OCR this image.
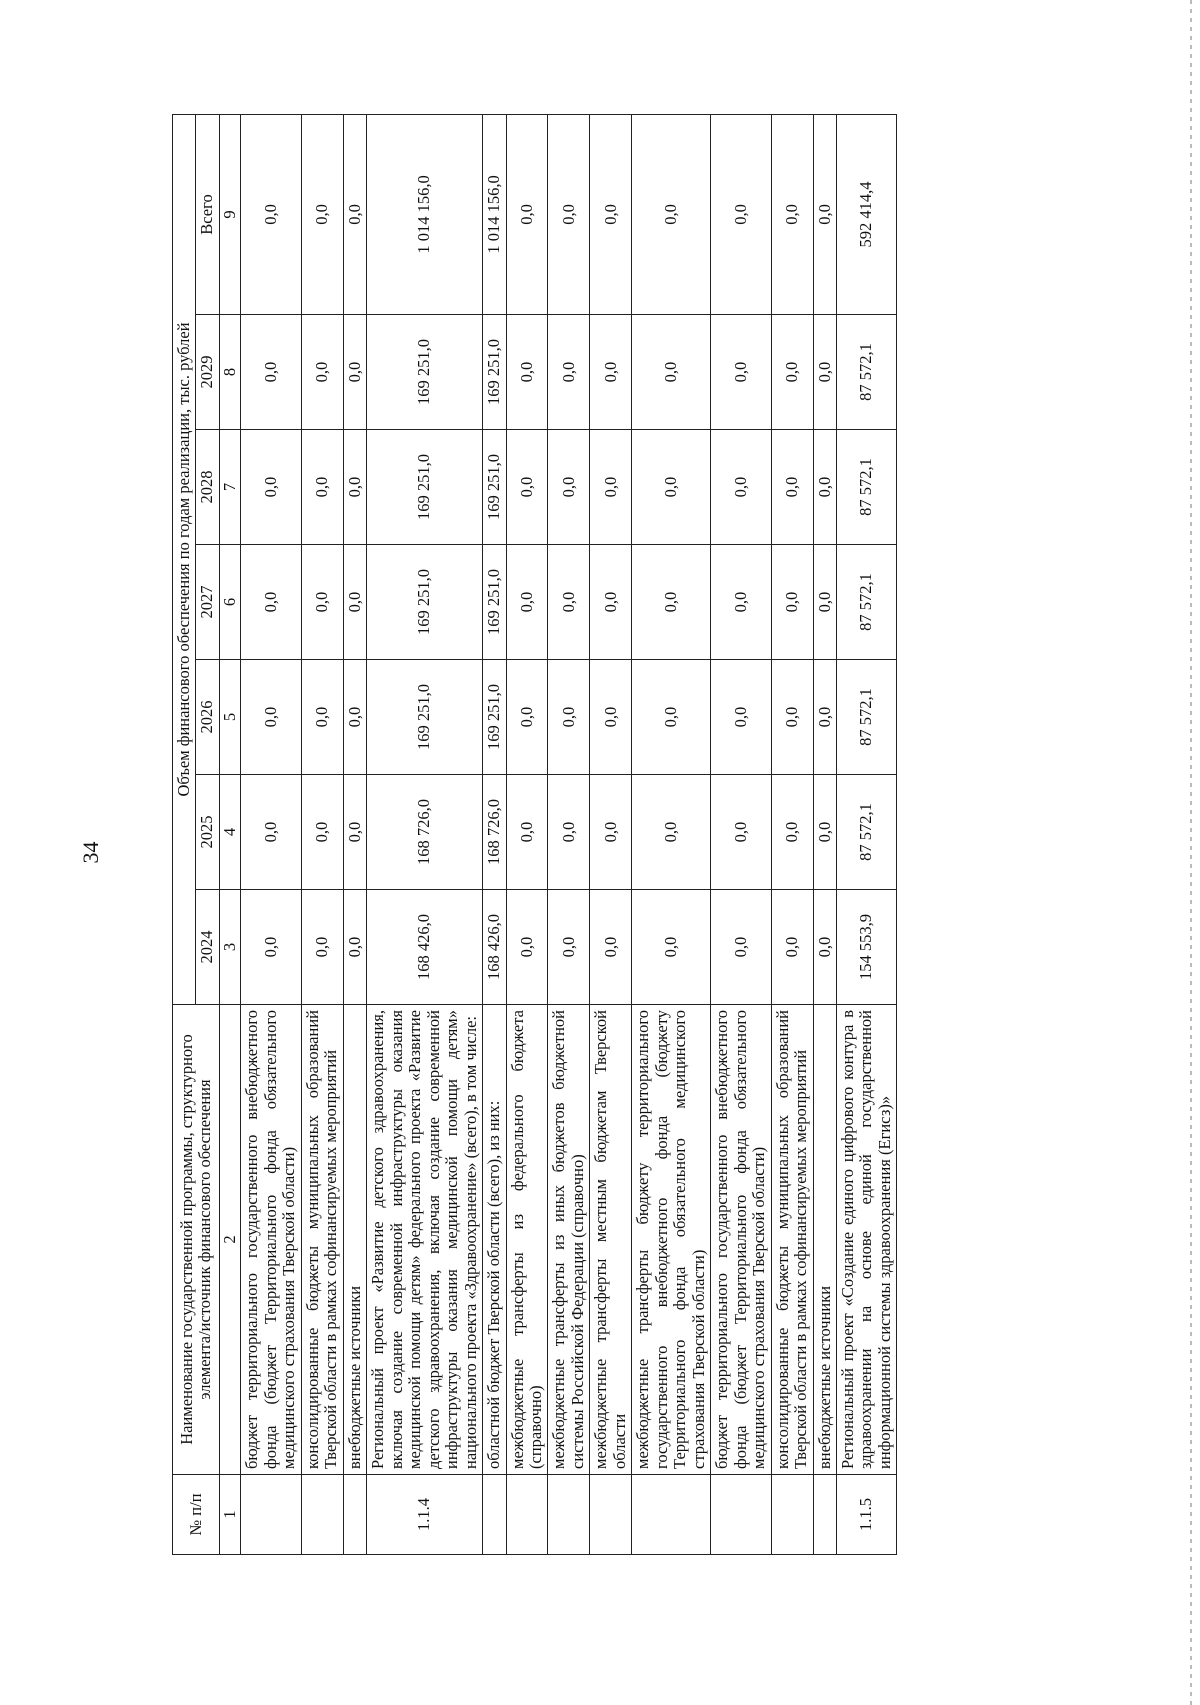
34
№ п/п	Наименование государственной программы, структурного элемента/источник финансового обеспечения	Объем финансового обеспечения по годам реализации, тыс. рублей						
		2024	2025	2026	2027	2028	2029	Всего
1	2	3	4	5	6	7	8	9
	бюджет территориального государственного внебюджетного фонда (бюджет Территориального фонда обязательного медицинского страхования Тверской области)	0,0	0,0	0,0	0,0	0,0	0,0	0,0
	консолидированные бюджеты муниципальных образований Тверской области в рамках софинансируемых мероприятий	0,0	0,0	0,0	0,0	0,0	0,0	0,0
	внебюджетные источники	0,0	0,0	0,0	0,0	0,0	0,0	0,0
1.1.4	Региональный проект «Развитие детского здравоохранения, включая создание современной инфраструктуры оказания медицинской помощи детям» федерального проекта «Развитие детского здравоохранения, включая создание современной инфраструктуры оказания медицинской помощи детям» национального проекта «Здравоохранение» (всего), в том числе:	168 426,0	168 726,0	169 251,0	169 251,0	169 251,0	169 251,0	1 014 156,0
	областной бюджет Тверской области (всего), из них:	168 426,0	168 726,0	169 251,0	169 251,0	169 251,0	169 251,0	1 014 156,0
	межбюджетные трансферты из федерального бюджета (справочно)	0,0	0,0	0,0	0,0	0,0	0,0	0,0
	межбюджетные трансферты из иных бюджетов бюджетной системы Российской Федерации (справочно)	0,0	0,0	0,0	0,0	0,0	0,0	0,0
	межбюджетные трансферты местным бюджетам Тверской области	0,0	0,0	0,0	0,0	0,0	0,0	0,0
	межбюджетные трансферты бюджету территориального государственного внебюджетного фонда (бюджету Территориального фонда обязательного медицинского страхования Тверской области)	0,0	0,0	0,0	0,0	0,0	0,0	0,0
	бюджет территориального государственного внебюджетного фонда (бюджет Территориального фонда обязательного медицинского страхования Тверской области)	0,0	0,0	0,0	0,0	0,0	0,0	0,0
	консолидированные бюджеты муниципальных образований Тверской области в рамках софинансируемых мероприятий	0,0	0,0	0,0	0,0	0,0	0,0	0,0
	внебюджетные источники	0,0	0,0	0,0	0,0	0,0	0,0	0,0
1.1.5	Региональный проект «Создание единого цифрового контура в здравоохранении на основе единой государственной информационной системы здравоохранения (Егисз)»	154 553,9	87 572,1	87 572,1	87 572,1	87 572,1	87 572,1	592 414,4
